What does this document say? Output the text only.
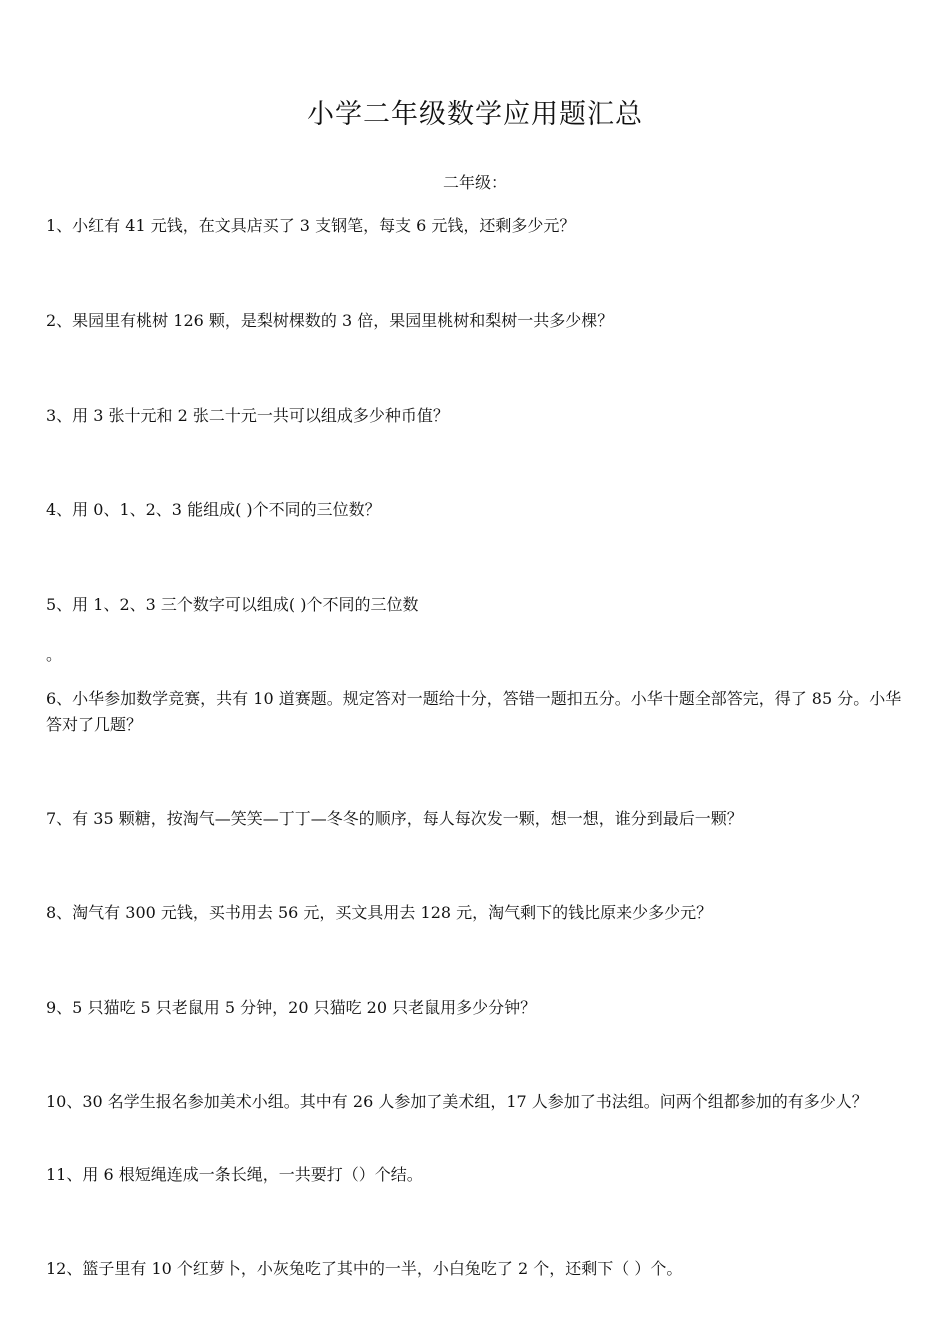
小学二年级数学应用题汇总

二年级：

1、小红有 41 元钱，在文具店买了 3 支钢笔，每支 6 元钱，还剩多少元？

2、果园里有桃树 126 颗，是梨树棵数的 3 倍，果园里桃树和梨树一共多少棵？

3、用 3 张十元和 2 张二十元一共可以组成多少种币值？

4、用 0、1、2、3 能组成( )个不同的三位数？

5、用 1、2、3 三个数字可以组成( )个不同的三位数

。

6、小华参加数学竞赛，共有 10 道赛题。规定答对一题给十分，答错一题扣五分。小华十题全部答完，得了 85 分。小华答对了几题？

7、有 35 颗糖，按淘气—笑笑—丁丁—冬冬的顺序，每人每次发一颗，想一想，谁分到最后一颗？

8、淘气有 300 元钱，买书用去 56 元，买文具用去 128 元，淘气剩下的钱比原来少多少元？

9、5 只猫吃 5 只老鼠用 5 分钟，20 只猫吃 20 只老鼠用多少分钟？

10、30 名学生报名参加美术小组。其中有 26 人参加了美术组，17 人参加了书法组。问两个组都参加的有多少人？

11、用 6 根短绳连成一条长绳，一共要打（）个结。

12、篮子里有 10 个红萝卜，小灰兔吃了其中的一半，小白兔吃了 2 个，还剩下（ ）个。
